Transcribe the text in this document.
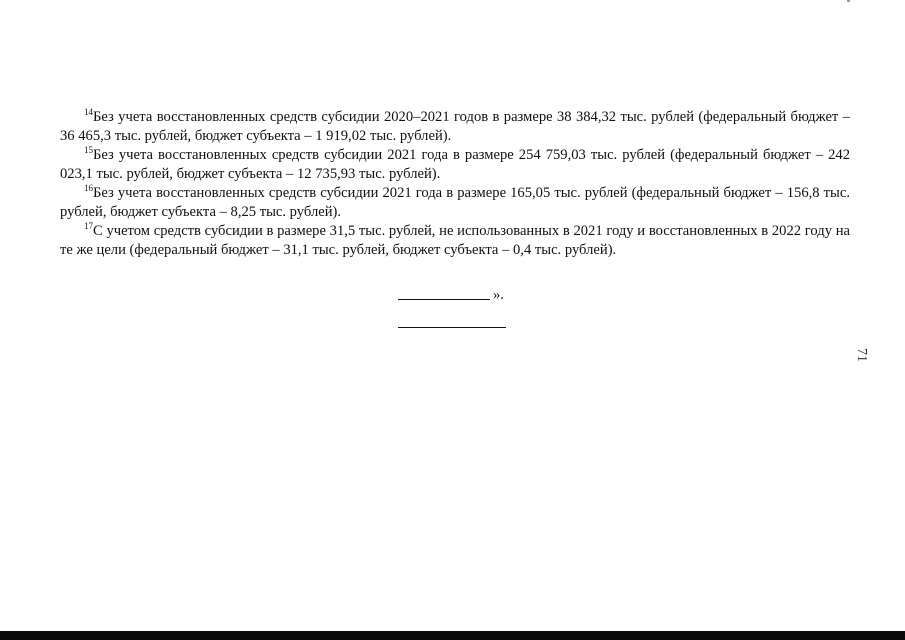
$^{14}$Без учета восстановленных средств субсидии 2020–2021 годов в размере 38 384,32 тыс. рублей (федеральный бюджет – 36 465,3 тыс. рублей, бюджет субъекта – 1 919,02 тыс. рублей).

$^{15}$Без учета восстановленных средств субсидии 2021 года в размере 254 759,03 тыс. рублей (федеральный бюджет – 242 023,1 тыс. рублей, бюджет субъекта – 12 735,93 тыс. рублей).

$^{16}$Без учета восстановленных средств субсидии 2021 года в размере 165,05 тыс. рублей (федеральный бюджет – 156,8 тыс. рублей, бюджет субъекта – 8,25 тыс. рублей).

$^{17}$С учетом средств субсидии в размере 31,5 тыс. рублей, не использованных в 2021 году и восстановленных в 2022 году на те же цели (федеральный бюджет – 31,1 тыс. рублей, бюджет субъекта – 0,4 тыс. рублей).

».
71
